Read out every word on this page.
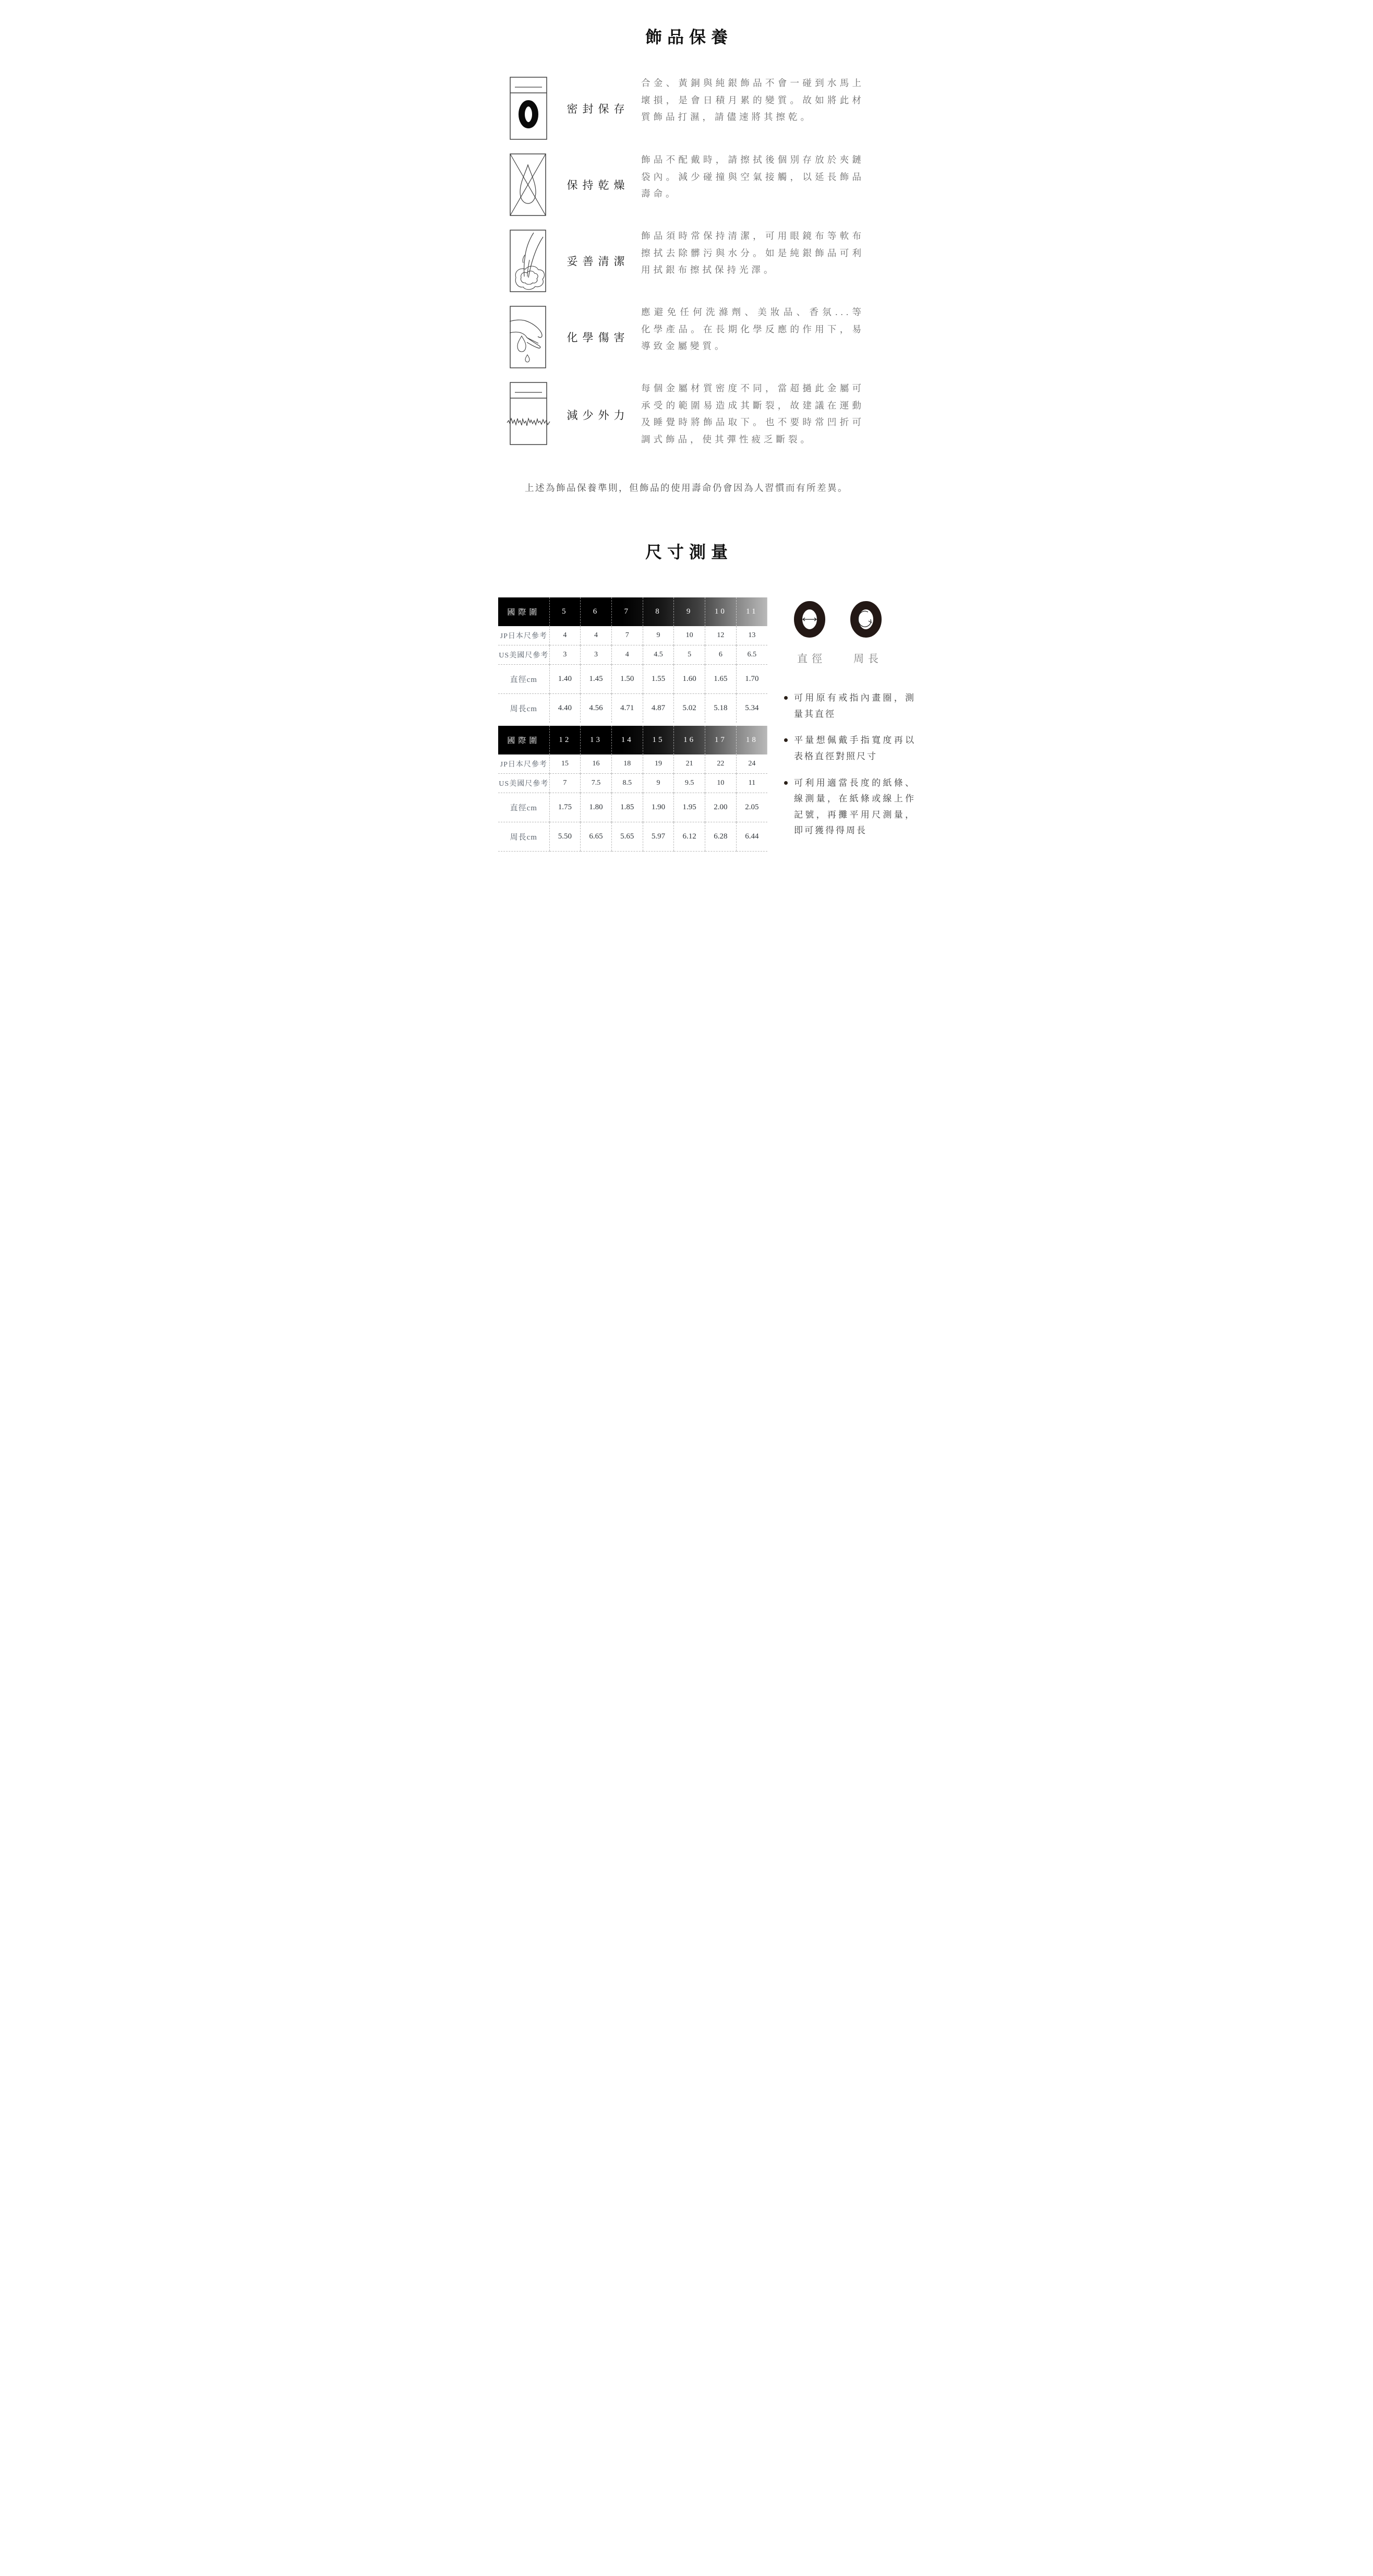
飾品保養
密封保存

合金、黃銅與純銀飾品不會一碰到水馬上壞損，是會日積月累的變質。故如將此材質飾品打濕，請儘速將其擦乾。

保持乾燥

飾品不配戴時，請擦拭後個別存放於夾鏈袋內。減少碰撞與空氣接觸，以延長飾品壽命。

妥善清潔

飾品須時常保持清潔，可用眼鏡布等軟布擦拭去除髒污與水分。如是純銀飾品可利用拭銀布擦拭保持光澤。

化學傷害

應避免任何洗滌劑、美妝品、香氛...等化學產品。在長期化學反應的作用下，易導致金屬變質。

減少外力

每個金屬材質密度不同，當超撾此金屬可承受的範圍易造成其斷裂，故建議在運動及睡覺時將飾品取下。也不要時常凹折可調式飾品，使其彈性疲乏斷裂。

上述為飾品保養準則，但飾品的使用壽命仍會因為人習慣而有所差異。

尺寸測量
國際圍	5	6	7	8	9	10	11
JP日本尺參考	4	4	7	9	10	12	13
US美國尺參考	3	3	4	4.5	5	6	6.5
直徑cm	1.40	1.45	1.50	1.55	1.60	1.65	1.70
周長cm	4.40	4.56	4.71	4.87	5.02	5.18	5.34
國際圍	12	13	14	15	16	17	18
JP日本尺參考	15	16	18	19	21	22	24
US美國尺參考	7	7.5	8.5	9	9.5	10	11
直徑cm	1.75	1.80	1.85	1.90	1.95	2.00	2.05
周長cm	5.50	6.65	5.65	5.97	6.12	6.28	6.44
直徑	周長
可用原有戒指內畫圈，測量其直徑
平量想佩戴手指寬度再以表格直徑對照尺寸
可利用適當長度的紙條、線測量，在紙條或線上作記號，再攤平用尺測量，即可獲得得周長
